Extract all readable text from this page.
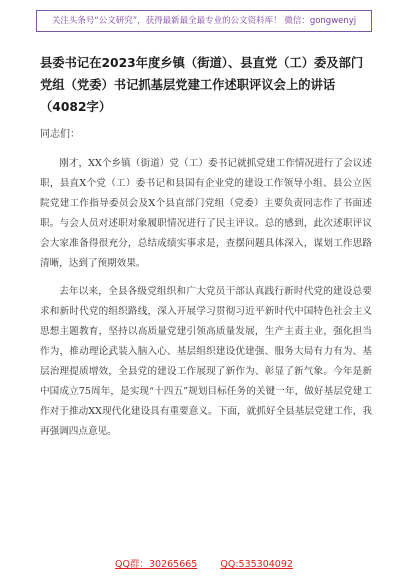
关注头条号“公文研究”，获得最新最全最专业的公文资料库！ 微信：gongwenyj
县委书记在2023年度乡镇（街道）、县直党（工）委及部门党组（党委）书记抓基层党建工作述职评议会上的讲话（4082字）
同志们：

刚才，XX个乡镇（街道）党（工）委书记就抓党建工作情况进行了会议述职，县直X个党（工）委书记和县国有企业党的建设工作领导小组、县公立医院党建工作指导委员会及X个县直部门党组（党委）主要负责同志作了书面述职。与会人员对述职对象履职情况进行了民主评议。总的感到，此次述职评议会大家准备得很充分，总结成绩实事求是，查摆问题具体深入，谋划工作思路清晰，达到了预期效果。

去年以来，全县各级党组织和广大党员干部认真践行新时代党的建设总要求和新时代党的组织路线，深入开展学习贯彻习近平新时代中国特色社会主义思想主题教育，坚持以高质量党建引领高质量发展，生产主责主业，强化担当作为，推动理论武装入脑入心、基层组织建设优建强、服务大局有力有为、基层治理提质增效，全县党的建设工作展现了新作为、彰显了新气象。今年是新中国成立75周年，是实现“十四五”规划目标任务的关键一年，做好基层党建工作对于推动XX现代化建设具有重要意义。下面，就抓好全县基层党建工作，我再强调四点意见。

QQ群：30265665 QQ:535304092
